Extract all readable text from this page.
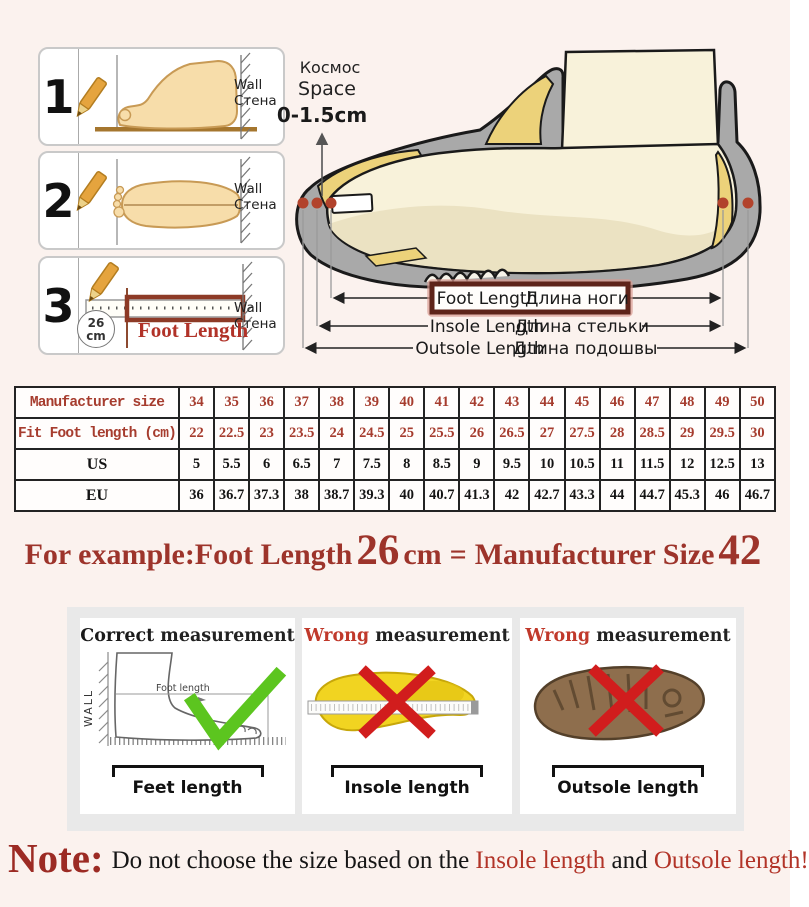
1	Wall
Стена
2	Wall
Стена
3	26
cm	Foot Length
Wall
Стена
Космос
Space
0-1.5cm
Foot Length
Длина ноги
Insole Length
Длина стельки
Outsole Length
Длина подошвы
Manufacturer size	34	35	36	37	38	39	40	41	42	43	44	45	46	47	48	49	50
Fit Foot length (cm)	22	22.5	23	23.5	24	24.5	25	25.5	26	26.5	27	27.5	28	28.5	29	29.5	30
US	5	5.5	6	6.5	7	7.5	8	8.5	9	9.5	10	10.5	11	11.5	12	12.5	13
EU	36	36.7	37.3	38	38.7	39.3	40	40.7	41.3	42	42.7	43.3	44	44.7	45.3	46	46.7
For example:Foot Length26 cm = Manufacturer Size42
Correct measurement
WALL
Foot length
Feet length
Wrong measurement
Insole length
Wrong measurement
Outsole length
Note: Do not choose the size based on the Insole length and Outsole length!
